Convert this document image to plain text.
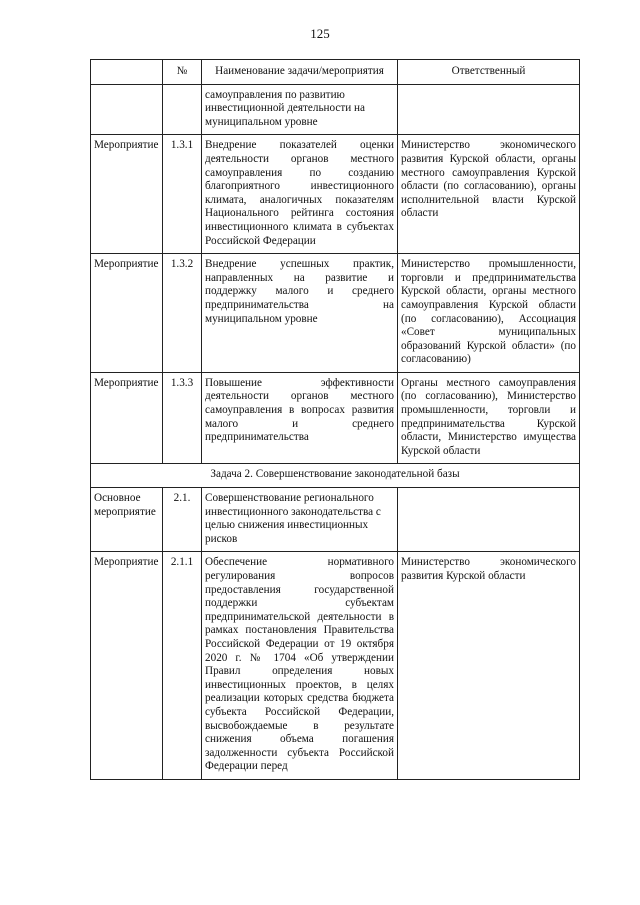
125
	№	Наименование задачи/мероприятия	Ответственный
		самоуправления по развитию инвестиционной деятельности на муниципальном уровне	
Мероприятие	1.3.1	Внедрение показателей оценки деятельности органов местного самоуправления по созданию благоприятного инвестиционного климата, аналогичных показателям Национального рейтинга состояния инвестиционного климата в субъектах Российской Федерации	Министерство экономического развития Курской области, органы местного самоуправления Курской области (по согласованию), органы исполнительной власти Курской области
Мероприятие	1.3.2	Внедрение успешных практик, направленных на развитие и поддержку малого и среднего предпринимательства на муниципальном уровне	Министерство промышленности, торговли и предпринимательства Курской области, органы местного самоуправления Курской области (по согласованию), Ассоциация «Совет муниципальных образований Курской области» (по согласованию)
Мероприятие	1.3.3	Повышение эффективности деятельности органов местного самоуправления в вопросах развития малого и среднего предпринимательства	Органы местного самоуправления (по согласованию), Министерство промышленности, торговли и предпринимательства Курской области, Министерство имущества Курской области
Задача 2. Совершенствование законодательной базы			
Основное мероприятие	2.1.	Совершенствование регионального инвестиционного законодательства с целью снижения инвестиционных рисков	
Мероприятие	2.1.1	Обеспечение нормативного регулирования вопросов предоставления государственной поддержки субъектам предпринимательской деятельности в рамках постановления Правительства Российской Федерации от 19 октября 2020 г. № 1704 «Об утверждении Правил определения новых инвестиционных проектов, в целях реализации которых средства бюджета субъекта Российской Федерации, высвобождаемые в результате снижения объема погашения задолженности субъекта Российской Федерации перед	Министерство экономического развития Курской области
